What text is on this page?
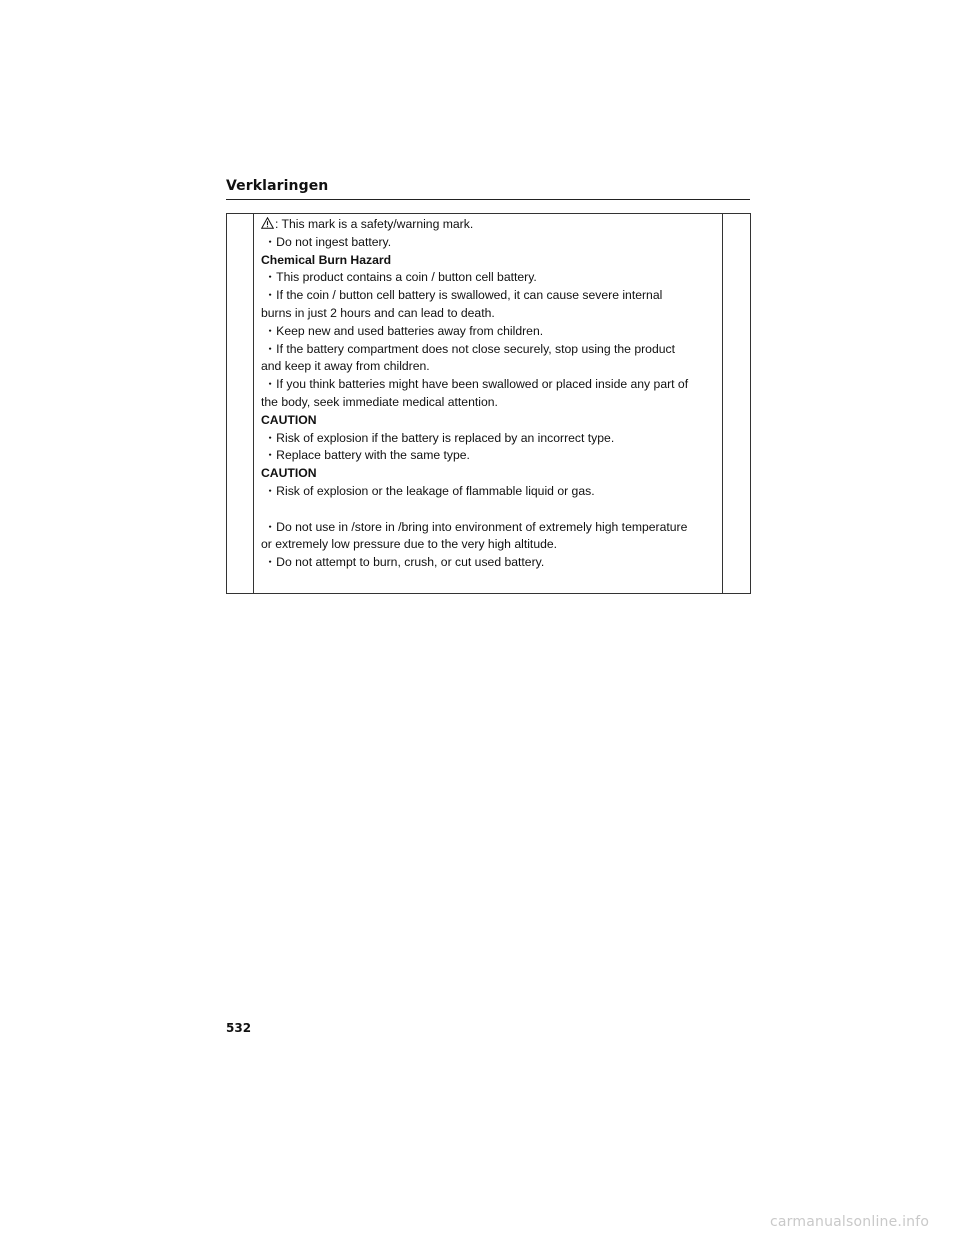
Verklaringen
: This mark is a safety/warning mark.
・Do not ingest battery.
Chemical Burn Hazard
・This product contains a coin / button cell battery.
・If the coin / button cell battery is swallowed, it can cause severe internal
burns in just 2 hours and can lead to death.
・Keep new and used batteries away from children.
・If the battery compartment does not close securely, stop using the product
and keep it away from children.
・If you think batteries might have been swallowed or placed inside any part of
the body, seek immediate medical attention.
CAUTION
・Risk of explosion if the battery is replaced by an incorrect type.
・Replace battery with the same type.
CAUTION
・Risk of explosion or the leakage of flammable liquid or gas.
・Do not use in /store in /bring into environment of extremely high temperature
or extremely low pressure due to the very high altitude.
・Do not attempt to burn, crush, or cut used battery.
532
carmanualsonline.info
